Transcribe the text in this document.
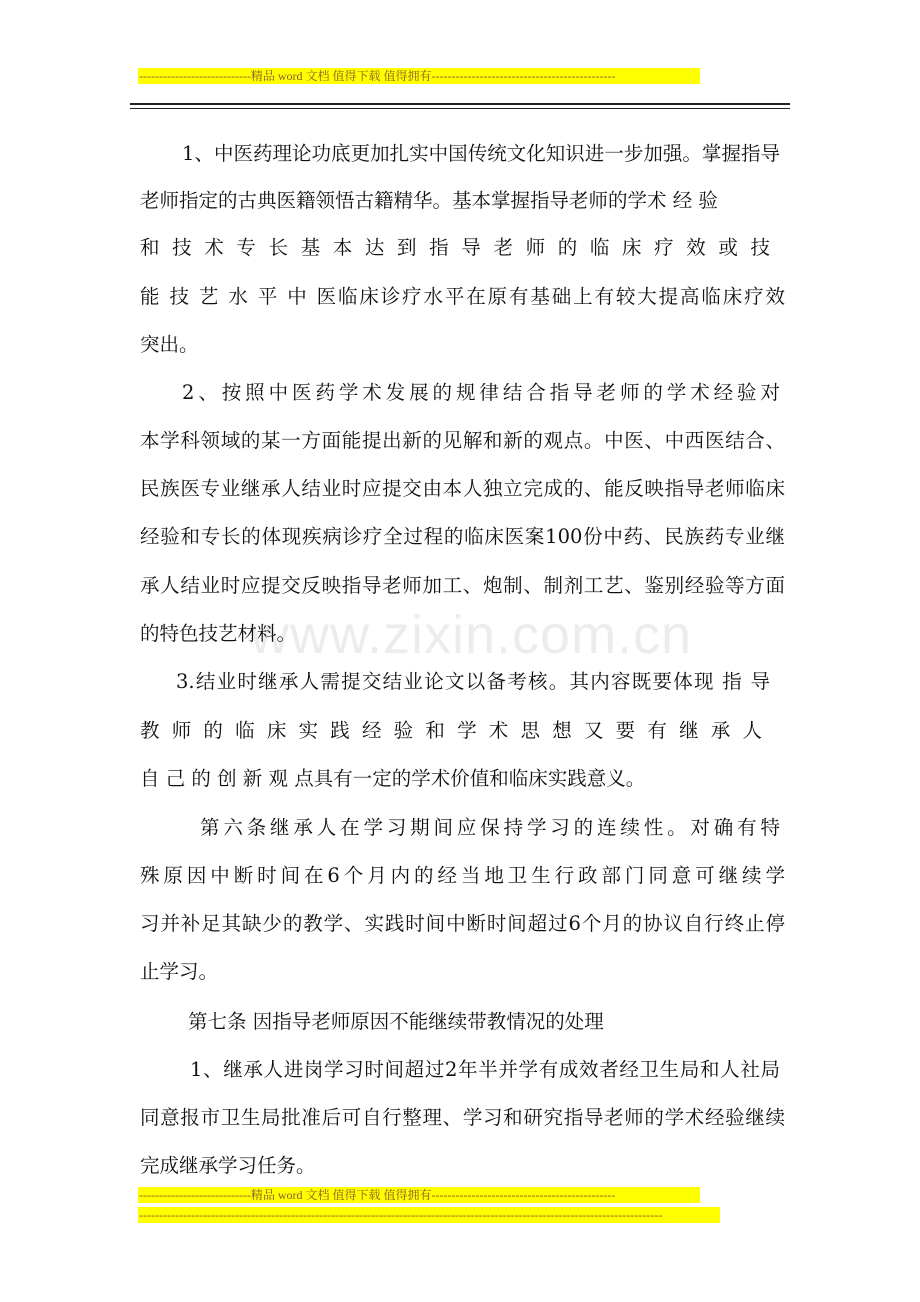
----------------------------精品 word 文档 值得下载 值得拥有----------------------------------------------
www.zixin.com.cn

1、中医药理论功底更加扎实中国传统文化知识进一步加强。掌握指导

老师指定的古典医籍领悟古籍精华。基本掌握指导老师的学术 经 验

和 技 术 专 长 基 本 达 到 指 导 老 师 的 临 床 疗 效 或 技

能 技 艺 水 平 中 医临床诊疗水平在原有基础上有较大提高临床疗效

突出。

2、按照中医药学术发展的规律结合指导老师的学术经验对

本学科领域的某一方面能提出新的见解和新的观点。中医、中西医结合、

民族医专业继承人结业时应提交由本人独立完成的、能反映指导老师临床

经验和专长的体现疾病诊疗全过程的临床医案100份中药、民族药专业继

承人结业时应提交反映指导老师加工、炮制、制剂工艺、鉴别经验等方面

的特色技艺材料。

3.结业时继承人需提交结业论文以备考核。其内容既要体现 指 导

教 师 的 临 床 实 践 经 验 和 学 术 思 想 又 要 有 继 承 人

自 己 的 创 新 观 点具有一定的学术价值和临床实践意义。

第六条继承人在学习期间应保持学习的连续性。对确有特

殊原因中断时间在6个月内的经当地卫生行政部门同意可继续学

习并补足其缺少的教学、实践时间中断时间超过6个月的协议自行终止停

止学习。

第七条 因指导老师原因不能继续带教情况的处理

1、继承人进岗学习时间超过2年半并学有成效者经卫生局和人社局

同意报市卫生局批准后可自行整理、学习和研究指导老师的学术经验继续

完成继承学习任务。

----------------------------精品 word 文档 值得下载 值得拥有----------------------------------------------
-----------------------------------------------------------------------------------------------------------------------------------
